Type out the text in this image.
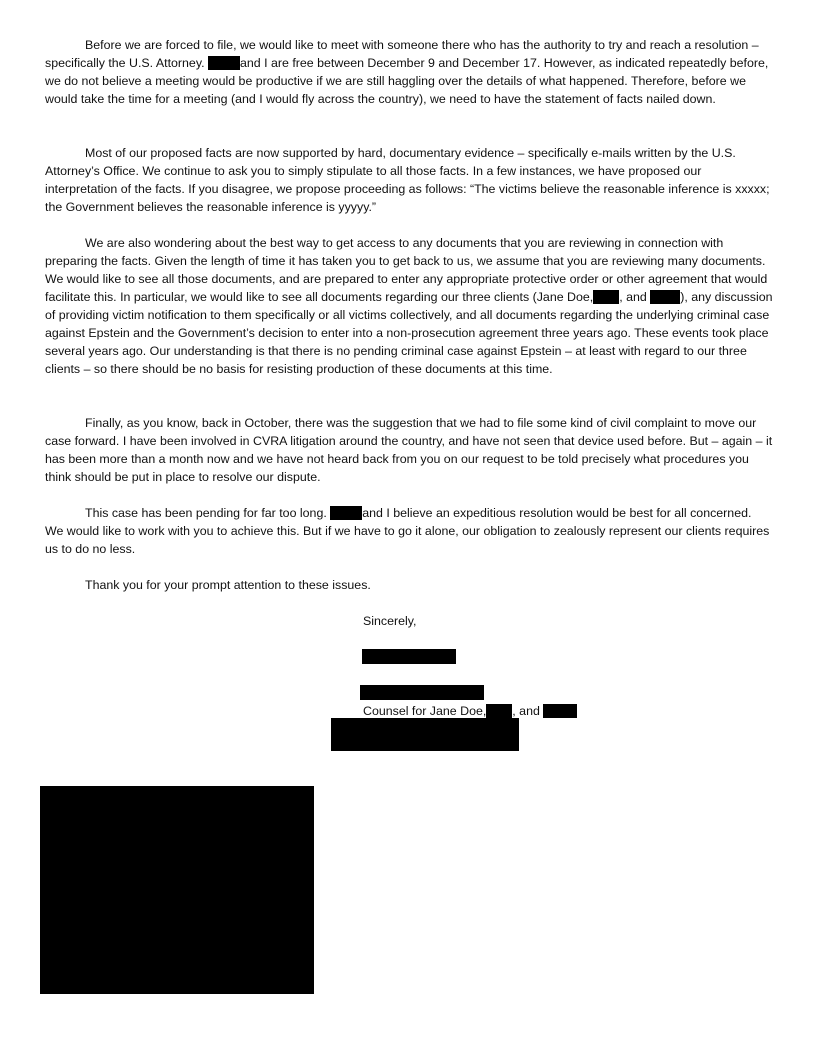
Before we are forced to file, we would like to meet with someone there who has the authority to try and reach a resolution – specifically the U.S. Attorney.	and I are free between December 9 and December 17. However, as indicated repeatedly before, we do not believe a meeting would be productive if we are still haggling over the details of what happened. Therefore, before we would take the time for a meeting (and I would fly across the country), we need to have the statement of facts nailed down.

Most of our proposed facts are now supported by hard, documentary evidence – specifically e-mails written by the U.S. Attorney’s Office. We continue to ask you to simply stipulate to all those facts. In a few instances, we have proposed our interpretation of the facts. If you disagree, we propose proceeding as follows: “The victims believe the reasonable inference is xxxxx; the Government believes the reasonable inference is yyyyy.”

We are also wondering about the best way to get access to any documents that you are reviewing in connection with preparing the facts. Given the length of time it has taken you to get back to us, we assume that you are reviewing many documents. We would like to see all those documents, and are prepared to enter any appropriate protective order or other agreement that would facilitate this. In particular, we would like to see all documents regarding our three clients (Jane Doe, , and	), any discussion of providing victim notification to them specifically or all victims collectively, and all documents regarding the underlying criminal case against Epstein and the Government’s decision to enter into a non-prosecution agreement three years ago. These events took place several years ago. Our understanding is that there is no pending criminal case against Epstein – at least with regard to our three clients – so there should be no basis for resisting production of these documents at this time.

Finally, as you know, back in October, there was the suggestion that we had to file some kind of civil complaint to move our case forward. I have been involved in CVRA litigation around the country, and have not seen that device used before. But – again – it has been more than a month now and we have not heard back from you on our request to be told precisely what procedures you think should be put in place to resolve our dispute.

This case has been pending for far too long.	and I believe an expeditious resolution would be best for all concerned. We would like to work with you to achieve this. But if we have to go it alone, our obligation to zealously represent our clients requires us to do no less.

Thank you for your prompt attention to these issues.

Sincerely,
Counsel for Jane Doe, , and
